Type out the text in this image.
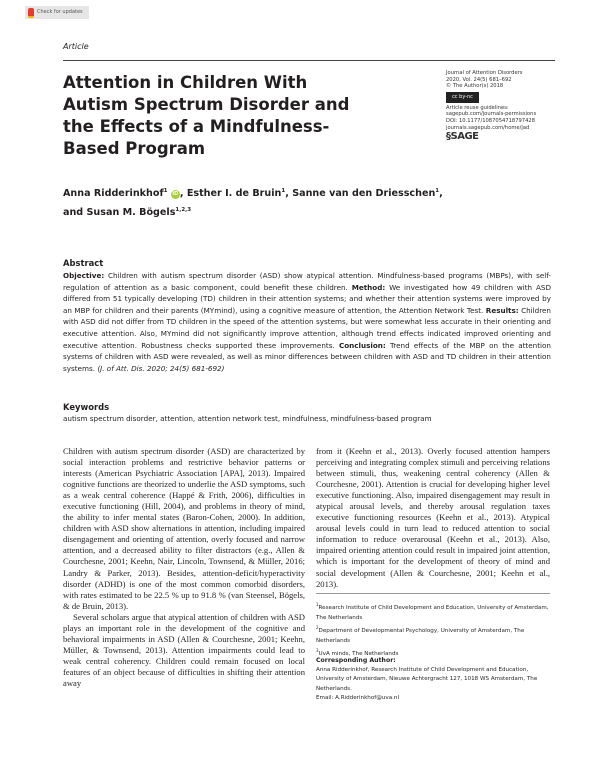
Check for updates
Article
Attention in Children With Autism Spectrum Disorder and the Effects of a Mindfulness-Based Program
Journal of Attention Disorders
2020, Vol. 24(5) 681–692
© The Author(s) 2018
cc by-nc
Article reuse guidelines:
sagepub.com/journals-permissions
DOI: 10.1177/1087054718797428
journals.sagepub.com/home/jad
§SAGE
Anna Ridderinkhof$^1$ iD , Esther I. de Bruin$^1$, Sanne van den Driesschen$^1$,
and Susan M. Bögels$^{1,2,3}$
Abstract
Objective: Children with autism spectrum disorder (ASD) show atypical attention. Mindfulness-based programs (MBPs), with self-regulation of attention as a basic component, could benefit these children. Method: We investigated how 49 children with ASD differed from 51 typically developing (TD) children in their attention systems; and whether their attention systems were improved by an MBP for children and their parents (MYmind), using a cognitive measure of attention, the Attention Network Test. Results: Children with ASD did not differ from TD children in the speed of the attention systems, but were somewhat less accurate in their orienting and executive attention. Also, MYmind did not significantly improve attention, although trend effects indicated improved orienting and executive attention. Robustness checks supported these improvements. Conclusion: Trend effects of the MBP on the attention systems of children with ASD were revealed, as well as minor differences between children with ASD and TD children in their attention systems. (J. of Att. Dis. 2020; 24(5) 681-692)
Keywords
autism spectrum disorder, attention, attention network test, mindfulness, mindfulness-based program

Children with autism spectrum disorder (ASD) are characterized by social interaction problems and restrictive behavior patterns or interests (American Psychiatric Association [APA], 2013). Impaired cognitive functions are theorized to underlie the ASD symptoms, such as a weak central coherence (Happé & Frith, 2006), difficulties in executive functioning (Hill, 2004), and problems in theory of mind, the ability to infer mental states (Baron-Cohen, 2000). In addition, children with ASD show alternations in attention, including impaired disengagement and orienting of attention, overly focused and narrow attention, and a decreased ability to filter distractors (e.g., Allen & Courchesne, 2001; Keehn, Nair, Lincoln, Townsend, & Müller, 2016; Landry & Parker, 2013). Besides, attention-deficit/hyperactivity disorder (ADHD) is one of the most common comorbid disorders, with rates estimated to be 22.5 % up to 91.8 % (van Steensel, Bögels, & de Bruin, 2013).

Several scholars argue that atypical attention of children with ASD plays an important role in the development of the cognitive and behavioral impairments in ASD (Allen & Courchesne, 2001; Keehn, Müller, & Townsend, 2013). Attention impairments could lead to weak central coherency. Children could remain focused on local features of an object because of difficulties in shifting their attention away

from it (Keehn et al., 2013). Overly focused attention hampers perceiving and integrating complex stimuli and perceiving relations between stimuli, thus, weakening central coherency (Allen & Courchesne, 2001). Attention is crucial for developing higher level executive functioning. Also, impaired disengagement may result in atypical arousal levels, and thereby arousal regulation taxes executive functioning resources (Keehn et al., 2013). Atypical arousal levels could in turn lead to reduced attention to social information to reduce overarousal (Keehn et al., 2013). Also, impaired orienting attention could result in impaired joint attention, which is important for the development of theory of mind and social development (Allen & Courchesne, 2001; Keehn et al., 2013).

$^1$Research Institute of Child Development and Education, University of Amsterdam, The Netherlands
$^2$Department of Developmental Psychology, University of Amsterdam, The Netherlands
$^3$UvA minds, The Netherlands
Corresponding Author:
Anna Ridderinkhof, Research Institute of Child Development and Education, University of Amsterdam, Nieuwe Achtergracht 127, 1018 WS Amsterdam, The Netherlands.
Email: A.Ridderinkhof@uva.nl
